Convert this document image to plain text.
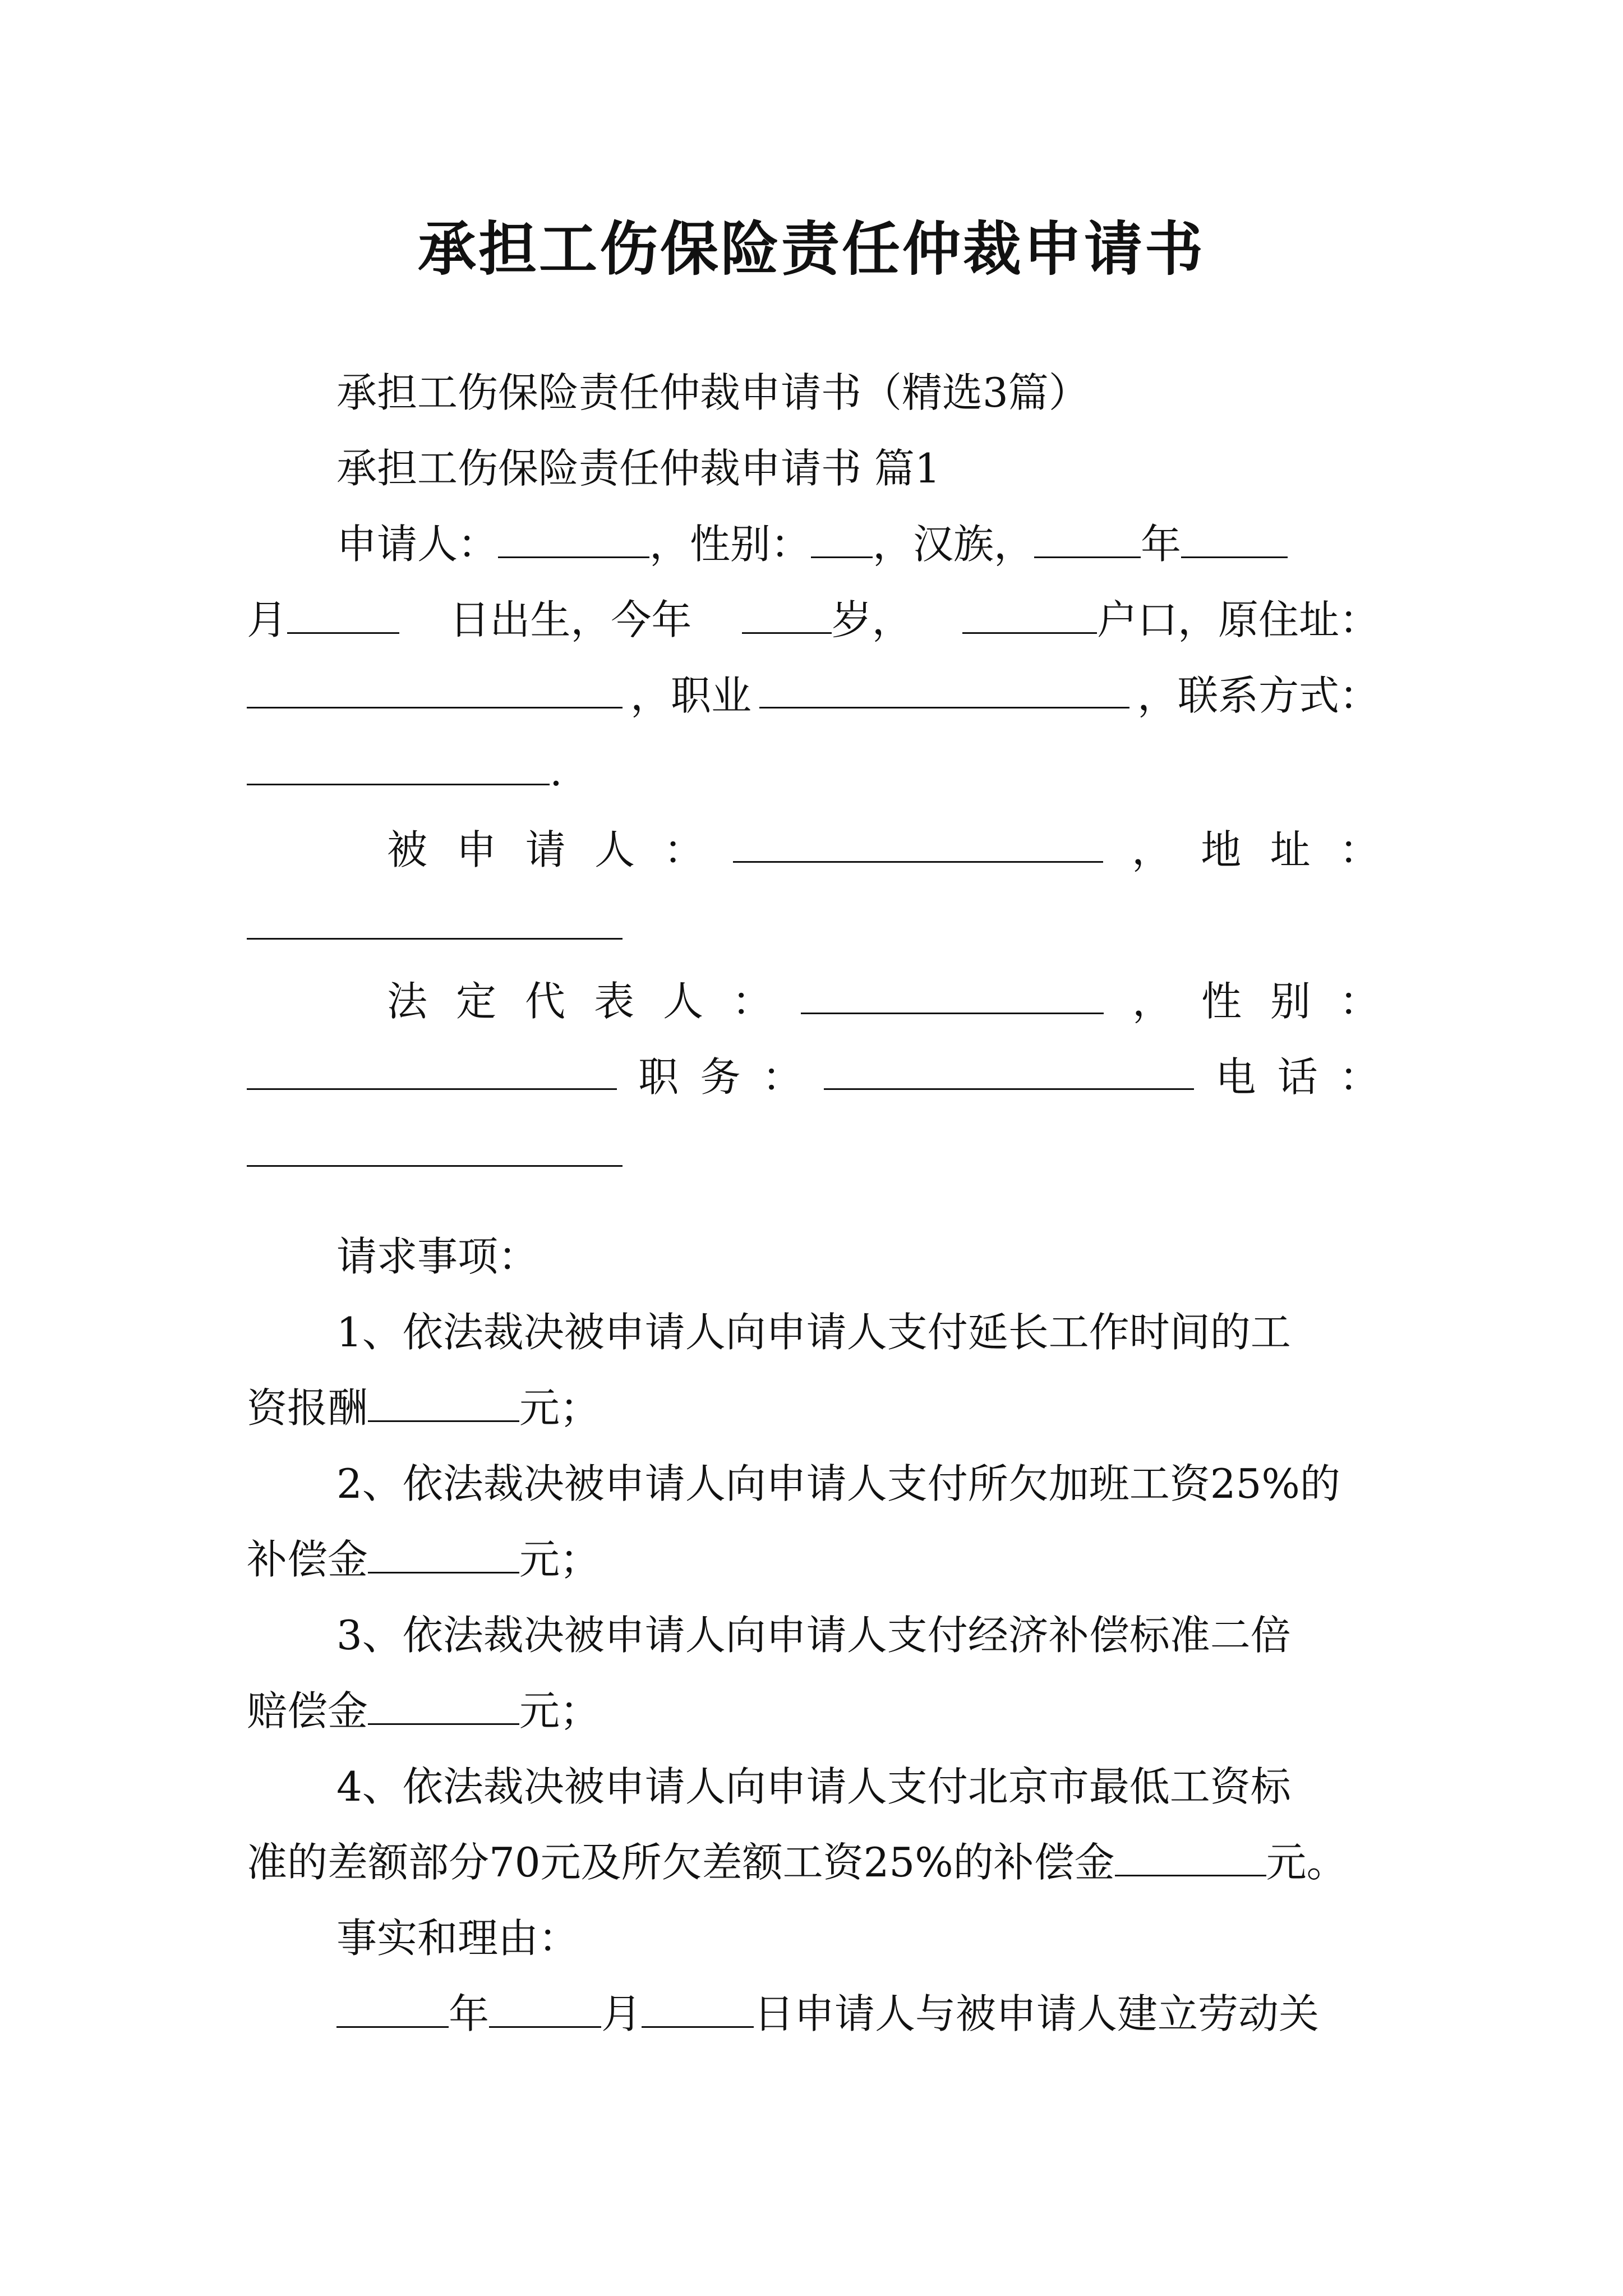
承担工伤保险责任仲裁申请书
承担工伤保险责任仲裁申请书（精选3篇）
承担工伤保险责任仲裁申请书 篇1
申请人：	，性别： ，汉族，	年
月	日出生，今年	岁，	户口，原住址：
，职业	，联系方式：
.
被 申 请 人 ：	， 地 址 ：
法 定 代 表 人 ：	， 性 别 ：
职 务 ：	电 话 ：
请求事项：
1、依法裁决被申请人向申请人支付延长工作时间的工
资报酬	元；
2、依法裁决被申请人向申请人支付所欠加班工资25%的
补偿金	元；
3、依法裁决被申请人向申请人支付经济补偿标准二倍
赔偿金	元；
4、依法裁决被申请人向申请人支付北京市最低工资标
准的差额部分70元及所欠差额工资25%的补偿金	元。
事实和理由：
年	月	日申请人与被申请人建立劳动关
